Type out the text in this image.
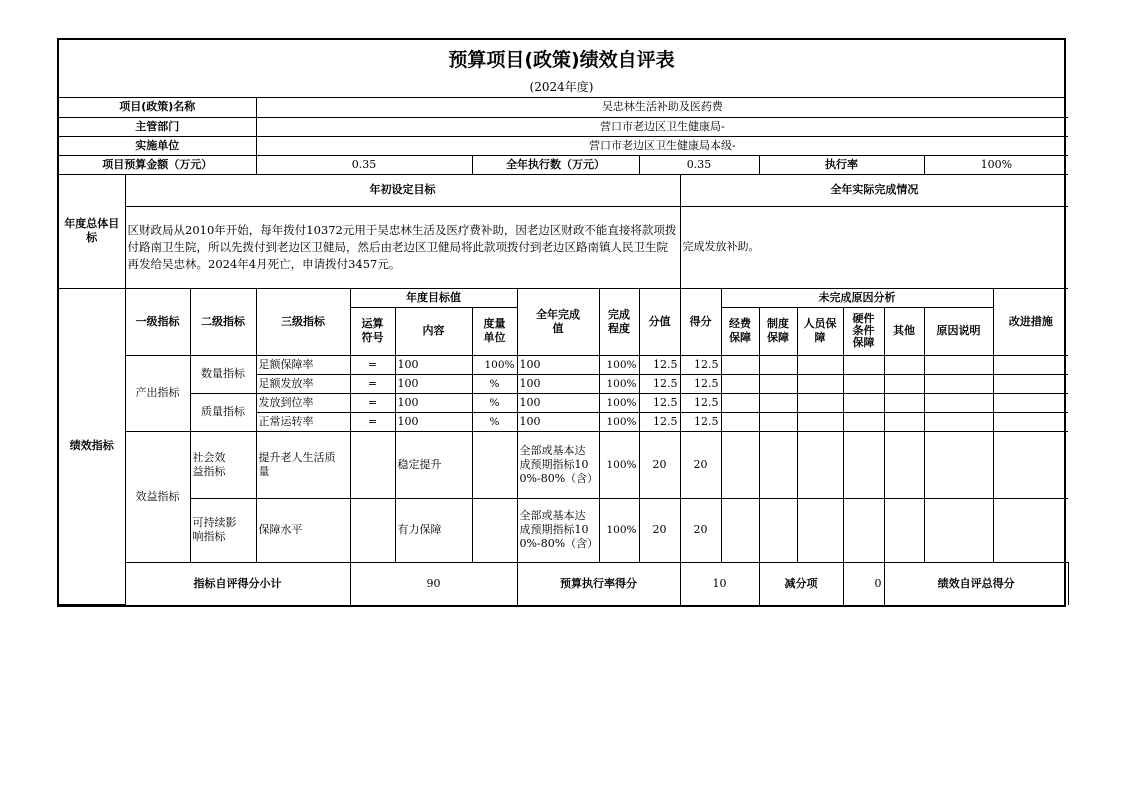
预算项目(政策)绩效自评表
(2024年度)
项目(政策)名称			吴忠林生活补助及医药费															
主管部门			营口市老边区卫生健康局-															
实施单位			营口市老边区卫生健康局本级-															
项目预算金额（万元）			0.35			全年执行数（万元）			0.35			执行率				100%		
年度总体目标	年初设定目标									全年实际完成情况								
	区财政局从2010年开始，每年拨付10372元用于吴忠林生活及医疗费补助，因老边区财政不能直接将款项拨付路南卫生院，所以先拨付到老边区卫健局，然后由老边区卫健局将此款项拨付到老边区路南镇人民卫生院再发给吴忠林。2024年4月死亡，申请拨付3457元。									完成发放补助。								
绩效指标	一级指标	二级指标	三级指标	年度目标值			全年完成值	完成程度	分值	得分	未完成原因分析						改进措施	
				运算符号	内容	度量单位					经费保障	制度保障	人员保障	硬件条件保障	其他	原因说明		
	产出指标	数量指标	足额保障率	=	100	100%	100	100%	12.5	12.5								
			足额发放率	=	100	%	100	100%	12.5	12.5								
		质量指标	发放到位率	=	100	%	100	100%	12.5	12.5								
			正常运转率	=	100	%	100	100%	12.5	12.5								
	效益指标	社会效益指标	提升老人生活质量		稳定提升		全部或基本达成预期指标100%-80%（含）	100%	20	20								
		可持续影响指标	保障水平		有力保障		全部或基本达成预期指标100%-80%（含）	100%	20	20								
	指标自评得分小计			90			预算执行率得分			10		减分项		0	绩效自评总得分	
